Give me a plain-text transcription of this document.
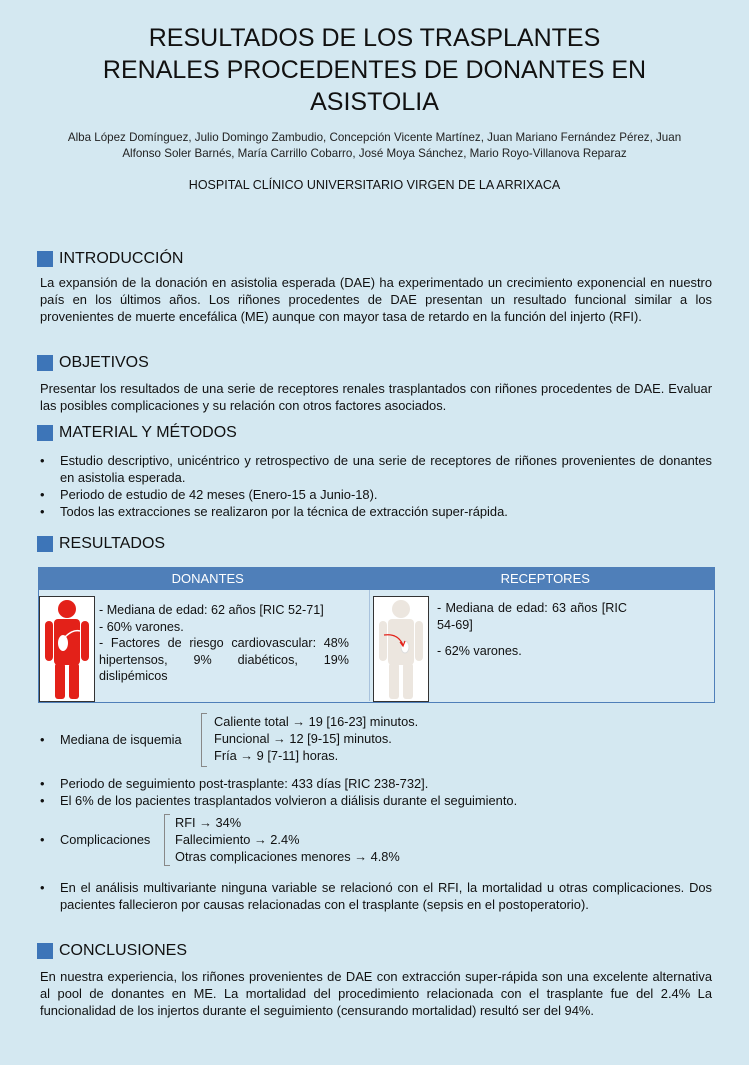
RESULTADOS DE LOS TRASPLANTES
RENALES PROCEDENTES DE DONANTES EN
ASISTOLIA
Alba López Domínguez, Julio Domingo Zambudio, Concepción Vicente Martínez, Juan Mariano Fernández Pérez, Juan
Alfonso Soler Barnés, María Carrillo Cobarro, José Moya Sánchez, Mario Royo-Villanova Reparaz
HOSPITAL CLÍNICO UNIVERSITARIO VIRGEN DE LA ARRIXACA
INTRODUCCIÓN
La expansión de la donación en asistolia esperada (DAE) ha experimentado un crecimiento exponencial en nuestro país en los últimos años. Los riñones procedentes de DAE presentan un resultado funcional similar a los provenientes de muerte encefálica (ME) aunque con mayor tasa de retardo en la función del injerto (RFI).
OBJETIVOS
Presentar los resultados de una serie de receptores renales trasplantados con riñones procedentes de DAE. Evaluar las posibles complicaciones y su relación con otros factores asociados.
MATERIAL Y MÉTODOS
• Estudio descriptivo, unicéntrico y retrospectivo de una serie de receptores de riñones provenientes de donantes en asistolia esperada.
• Periodo de estudio de 42 meses (Enero-15 a Junio-18).
• Todos las extracciones se realizaron por la técnica de extracción super-rápida.
RESULTADOS
DONANTES	RECEPTORES
- Mediana de edad: 62 años [RIC 52-71]
- 60% varones.
- Factores de riesgo cardiovascular: 48% hipertensos, 9% diabéticos, 19% dislipémicos
- Mediana de edad: 63 años [RIC 54-69]
- 62% varones.
• Mediana de isquemia
Caliente total → 19 [16-23] minutos.
Funcional → 12 [9-15] minutos.
Fría → 9 [7-11] horas.
• Periodo de seguimiento post-trasplante: 433 días [RIC 238-732].
• El 6% de los pacientes trasplantados volvieron a diálisis durante el seguimiento.
• Complicaciones
RFI → 34%
Fallecimiento → 2.4%
Otras complicaciones menores → 4.8%
• En el análisis multivariante ninguna variable se relacionó con el RFI, la mortalidad u otras complicaciones. Dos pacientes fallecieron por causas relacionadas con el trasplante (sepsis en el postoperatorio).
CONCLUSIONES
En nuestra experiencia, los riñones provenientes de DAE con extracción super-rápida son una excelente alternativa al pool de donantes en ME. La mortalidad del procedimiento relacionada con el trasplante fue del 2.4% La funcionalidad de los injertos durante el seguimiento (censurando mortalidad) resultó ser del 94%.
